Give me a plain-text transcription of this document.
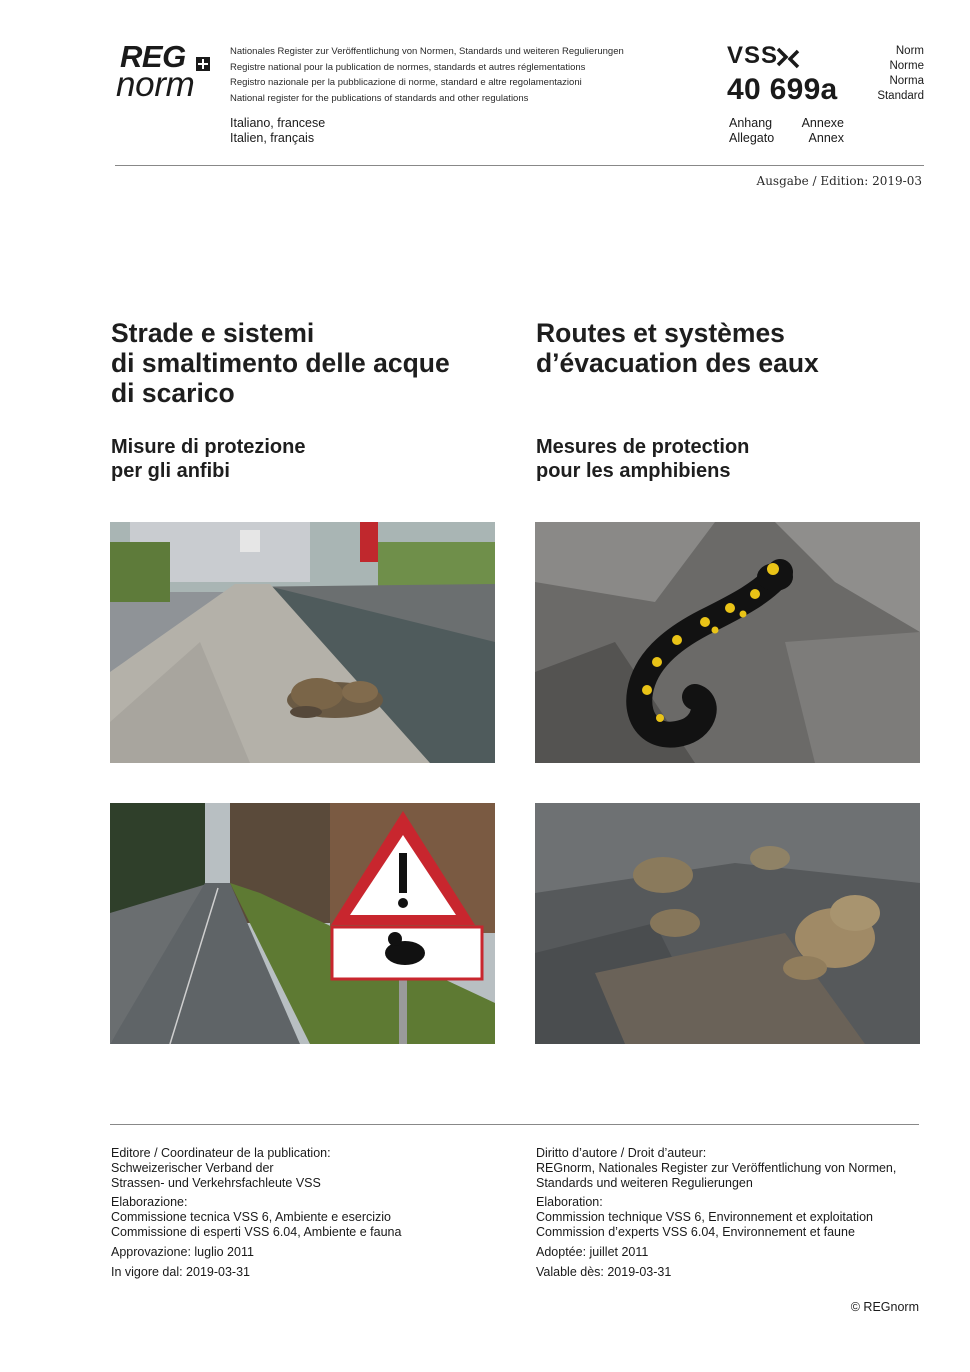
REG
norm
Nationales Register zur Veröffentlichung von Normen, Standards und weiteren Regulierungen
Registre national pour la publication de normes, standards et autres réglementations
Registro nazionale per la pubblicazione di norme, standard e altre regolamentazioni
National register for the publications of standards and other regulations
Italiano, francese
Italien, français
VSS
40 699a
Norm
Norme
Norma
Standard
Anhang
Allegato
Annexe
Annex
Ausgabe / Edition: 2019-03
Strade e sistemi
di smaltimento delle acque
di scarico
Routes et systèmes
d’évacuation des eaux
Misure di protezione
per gli anfibi
Mesures de protection
pour les amphibiens

Editore / Coordinateur de la publication:
Schweizerischer Verband der
Strassen- und Verkehrsfachleute VSS

Elaborazione:
Commissione tecnica VSS 6, Ambiente e esercizio
Commissione di esperti VSS 6.04, Ambiente e fauna

Approvazione: luglio 2011

In vigore dal: 2019-03-31

Diritto d’autore / Droit d’auteur:
REGnorm, Nationales Register zur Veröffentlichung von Normen,
Standards und weiteren Regulierungen

Elaboration:
Commission technique VSS 6, Environnement et exploitation
Commission d’experts VSS 6.04, Environnement et faune

Adoptée: juillet 2011

Valable dès: 2019-03-31

© REGnorm
